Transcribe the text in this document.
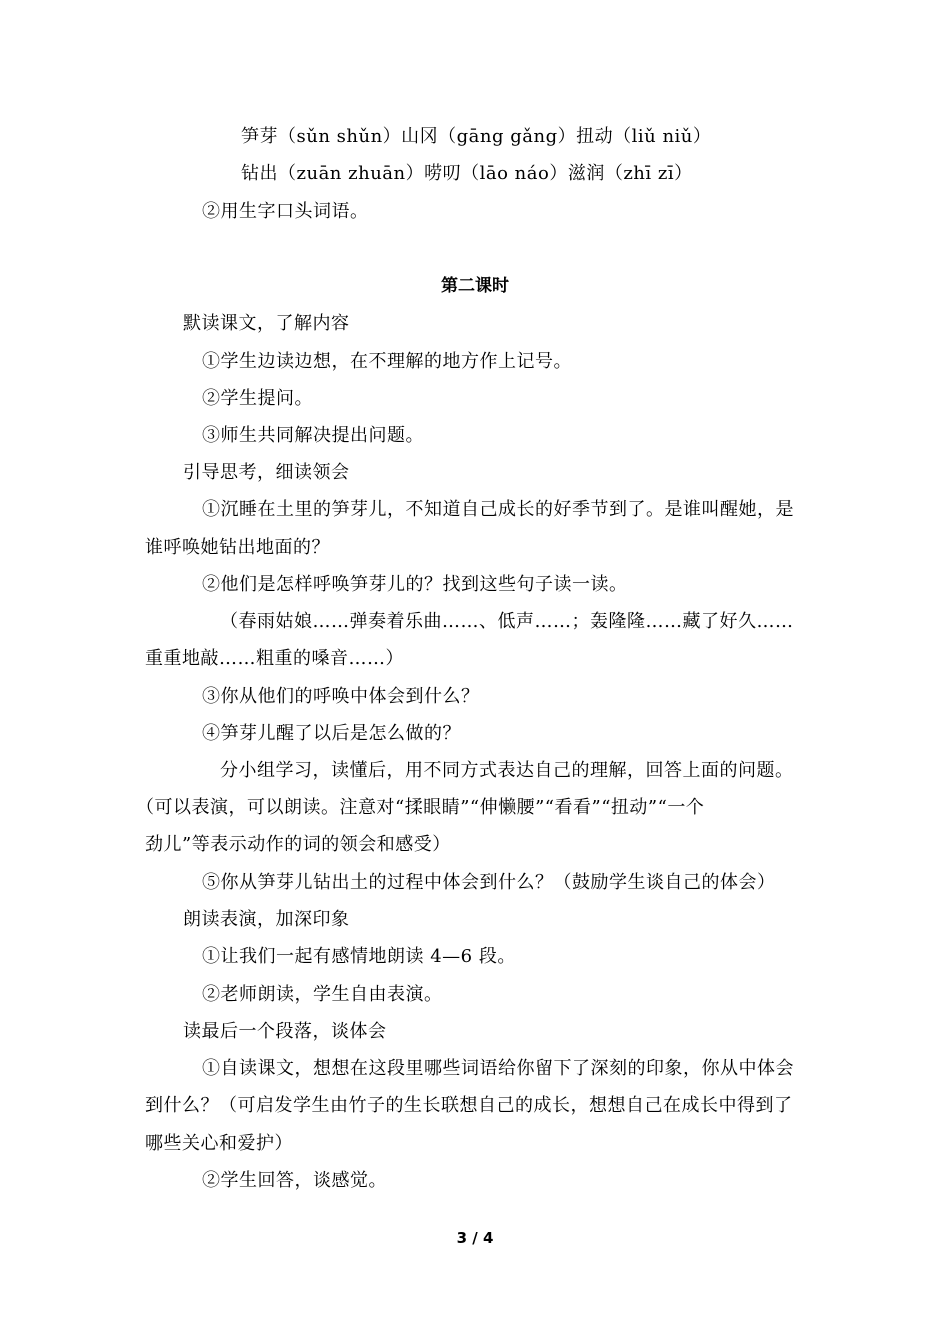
笋芽（sǔn shǔn）山冈（gāng gǎng）扭动（liǔ niǔ）
钻出（zuān zhuān）唠叨（lāo náo）滋润（zhī zī）
②用生字口头词语。
第二课时
默读课文，了解内容
①学生边读边想，在不理解的地方作上记号。
②学生提问。
③师生共同解决提出问题。
引导思考，细读领会
①沉睡在土里的笋芽儿，不知道自己成长的好季节到了。是谁叫醒她，是
谁呼唤她钻出地面的？
②他们是怎样呼唤笋芽儿的？找到这些句子读一读。
（春雨姑娘……弹奏着乐曲……、低声……；轰隆隆……藏了好久……
重重地敲……粗重的嗓音……）
③你从他们的呼唤中体会到什么？
④笋芽儿醒了以后是怎么做的？
分小组学习，读懂后，用不同方式表达自己的理解，回答上面的问题。
（可以表演，可以朗读。注意对“揉眼睛”“伸懒腰”“看看”“扭动”“一个
劲儿”等表示动作的词的领会和感受）
⑤你从笋芽儿钻出土的过程中体会到什么？（鼓励学生谈自己的体会）
朗读表演，加深印象
①让我们一起有感情地朗读 4—6 段。
②老师朗读，学生自由表演。
读最后一个段落，谈体会
①自读课文，想想在这段里哪些词语给你留下了深刻的印象，你从中体会
到什么？（可启发学生由竹子的生长联想自己的成长，想想自己在成长中得到了
哪些关心和爱护）
②学生回答，谈感觉。
3 / 4
